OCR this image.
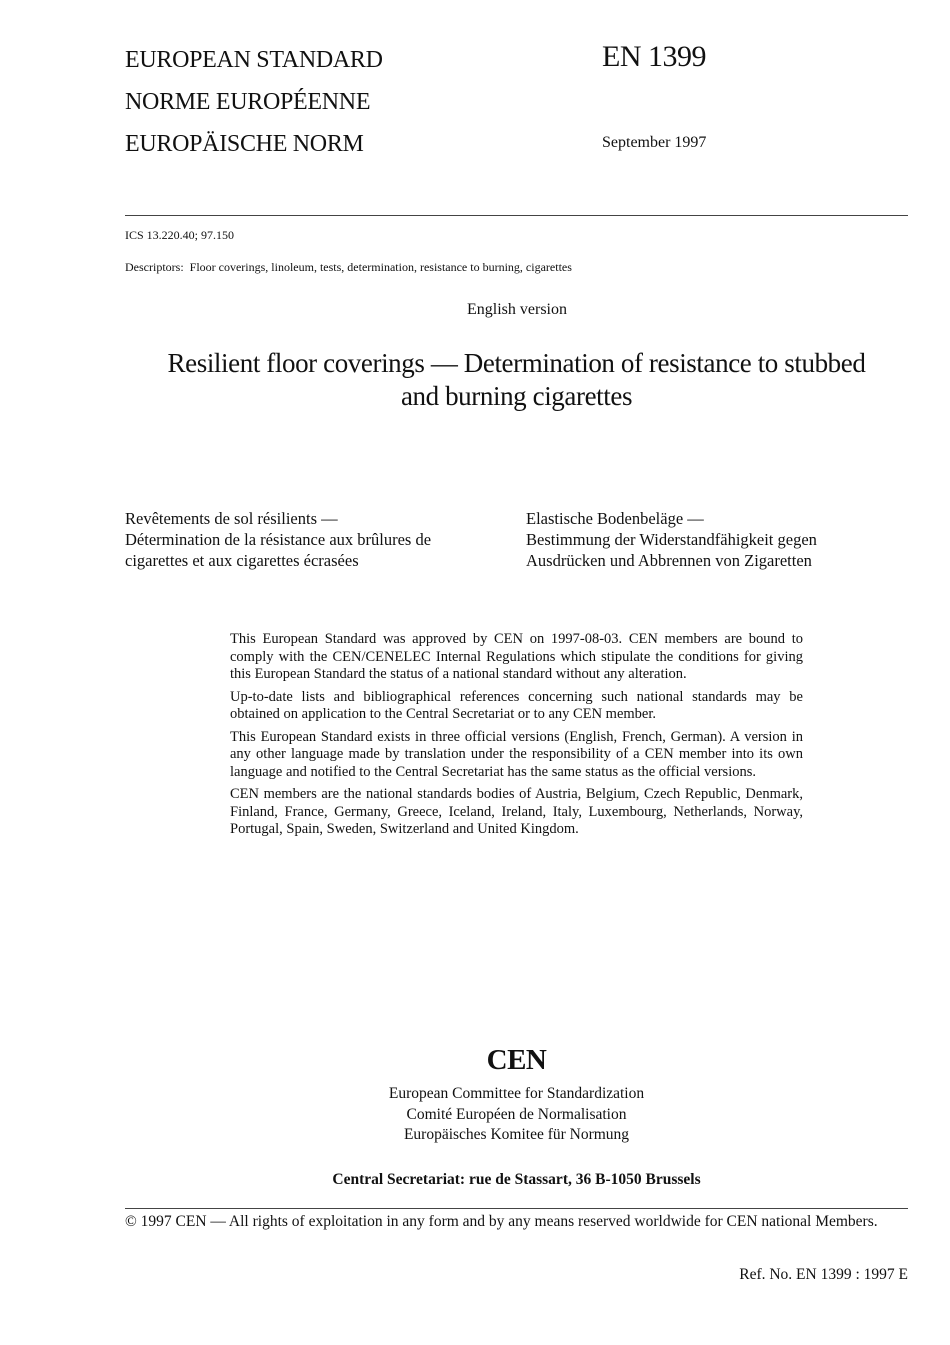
EUROPEAN STANDARD
NORME EUROPÉENNE
EUROPÄISCHE NORM
EN 1399
September 1997
ICS 13.220.40; 97.150
Descriptors:  Floor coverings, linoleum, tests, determination, resistance to burning, cigarettes
English version
Resilient floor coverings — Determination of resistance to stubbed
and burning cigarettes
Revêtements de sol résilients —
Détermination de la résistance aux brûlures de
cigarettes et aux cigarettes écrasées
Elastische Bodenbeläge —
Bestimmung der Widerstandfähigkeit gegen
Ausdrücken und Abbrennen von Zigaretten

This European Standard was approved by CEN on 1997-08-03. CEN members are bound to comply with the CEN/CENELEC Internal Regulations which stipulate the conditions for giving this European Standard the status of a national standard without any alteration.

Up-to-date lists and bibliographical references concerning such national standards may be obtained on application to the Central Secretariat or to any CEN member.

This European Standard exists in three official versions (English, French, German). A version in any other language made by translation under the responsibility of a CEN member into its own language and notified to the Central Secretariat has the same status as the official versions.

CEN members are the national standards bodies of Austria, Belgium, Czech Republic, Denmark, Finland, France, Germany, Greece, Iceland, Ireland, Italy, Luxembourg, Netherlands, Norway, Portugal, Spain, Sweden, Switzerland and United Kingdom.

CEN
European Committee for Standardization
Comité Européen de Normalisation
Europäisches Komitee für Normung
Central Secretariat: rue de Stassart, 36 B-1050 Brussels
© 1997 CEN — All rights of exploitation in any form and by any means reserved worldwide for CEN national Members.
Ref. No. EN 1399 : 1997 E
